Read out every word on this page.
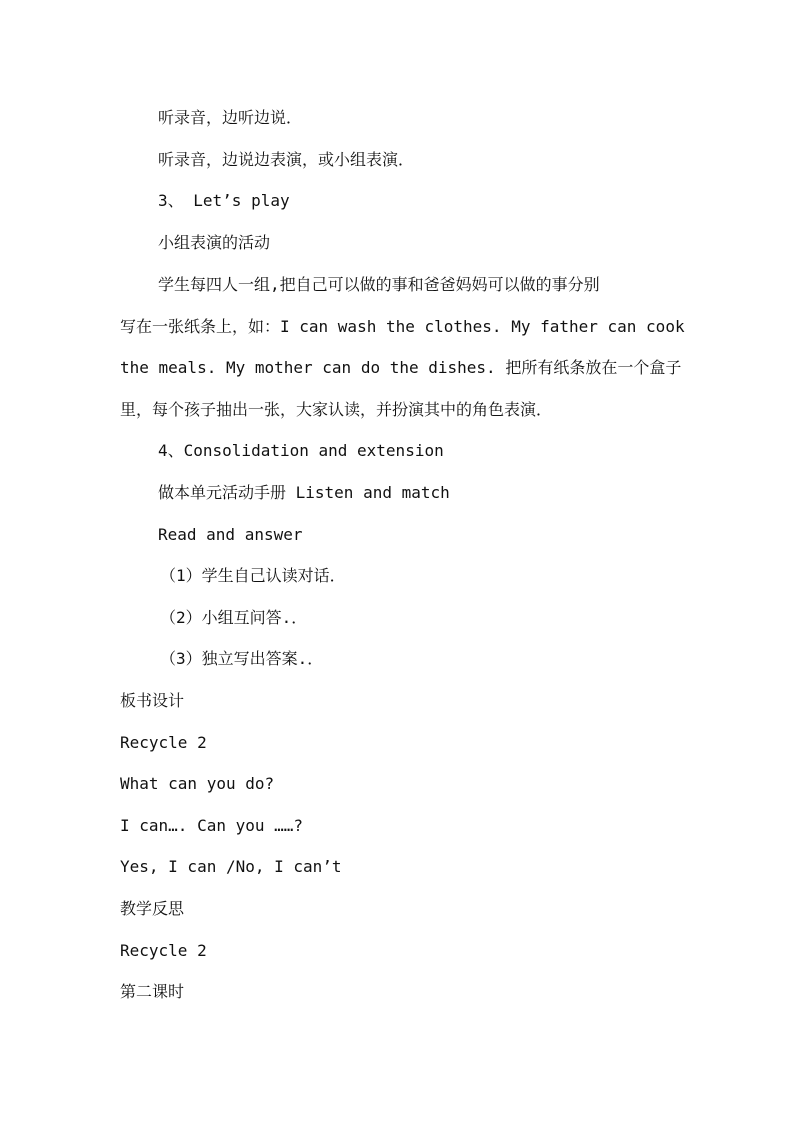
听录音，边听边说．
听录音，边说边表演，或小组表演．
3、 Let’s play
小组表演的活动
学生每四人一组,把自己可以做的事和爸爸妈妈可以做的事分别
写在一张纸条上，如：I can wash the clothes. My father can cook
the meals. My mother can do the dishes. 把所有纸条放在一个盒子
里，每个孩子抽出一张，大家认读，并扮演其中的角色表演．
4、Consolidation and extension
做本单元活动手册 Listen and match
Read and answer
（1）学生自己认读对话．
（2）小组互问答.．
（3）独立写出答案.．
板书设计
Recycle 2
What can you do?
I can…. Can you ……?
Yes, I can /No, I can’t
教学反思
Recycle 2
第二课时
